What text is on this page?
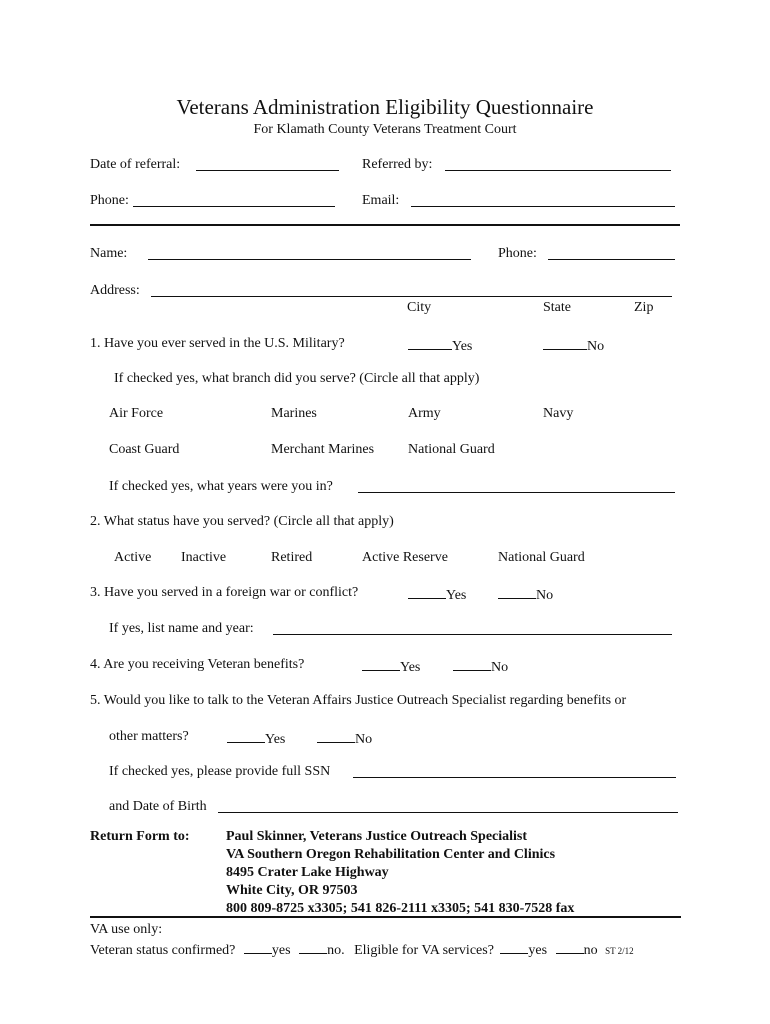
Veterans Administration Eligibility Questionnaire
For Klamath County Veterans Treatment Court
Date of referral:	Referred by:
Phone:	Email:
Name:	Phone:
Address:
City	State	Zip
1. Have you ever served in the U.S. Military?	Yes	No
If checked yes, what branch did you serve? (Circle all that apply)
Air Force	Marines	Army	Navy
Coast Guard	Merchant Marines National Guard
If checked yes, what years were you in?
2. What status have you served? (Circle all that apply)
Active Inactive	Retired	Active Reserve	National Guard
3. Have you served in a foreign war or conflict?	Yes	No
If yes, list name and year:
4. Are you receiving Veteran benefits?	Yes	No
5. Would you like to talk to the Veteran Affairs Justice Outreach Specialist regarding benefits or
other matters?	Yes	No
If checked yes, please provide full SSN
and Date of Birth
Return Form to:	Paul Skinner, Veterans Justice Outreach Specialist
VA Southern Oregon Rehabilitation Center and Clinics
8495 Crater Lake Highway
White City, OR 97503
800 809-8725 x3305; 541 826-2111 x3305; 541 830-7528 fax
VA use only:
Veteran status confirmed?	yes	no. Eligible for VA services? yes	no ST 2/12
